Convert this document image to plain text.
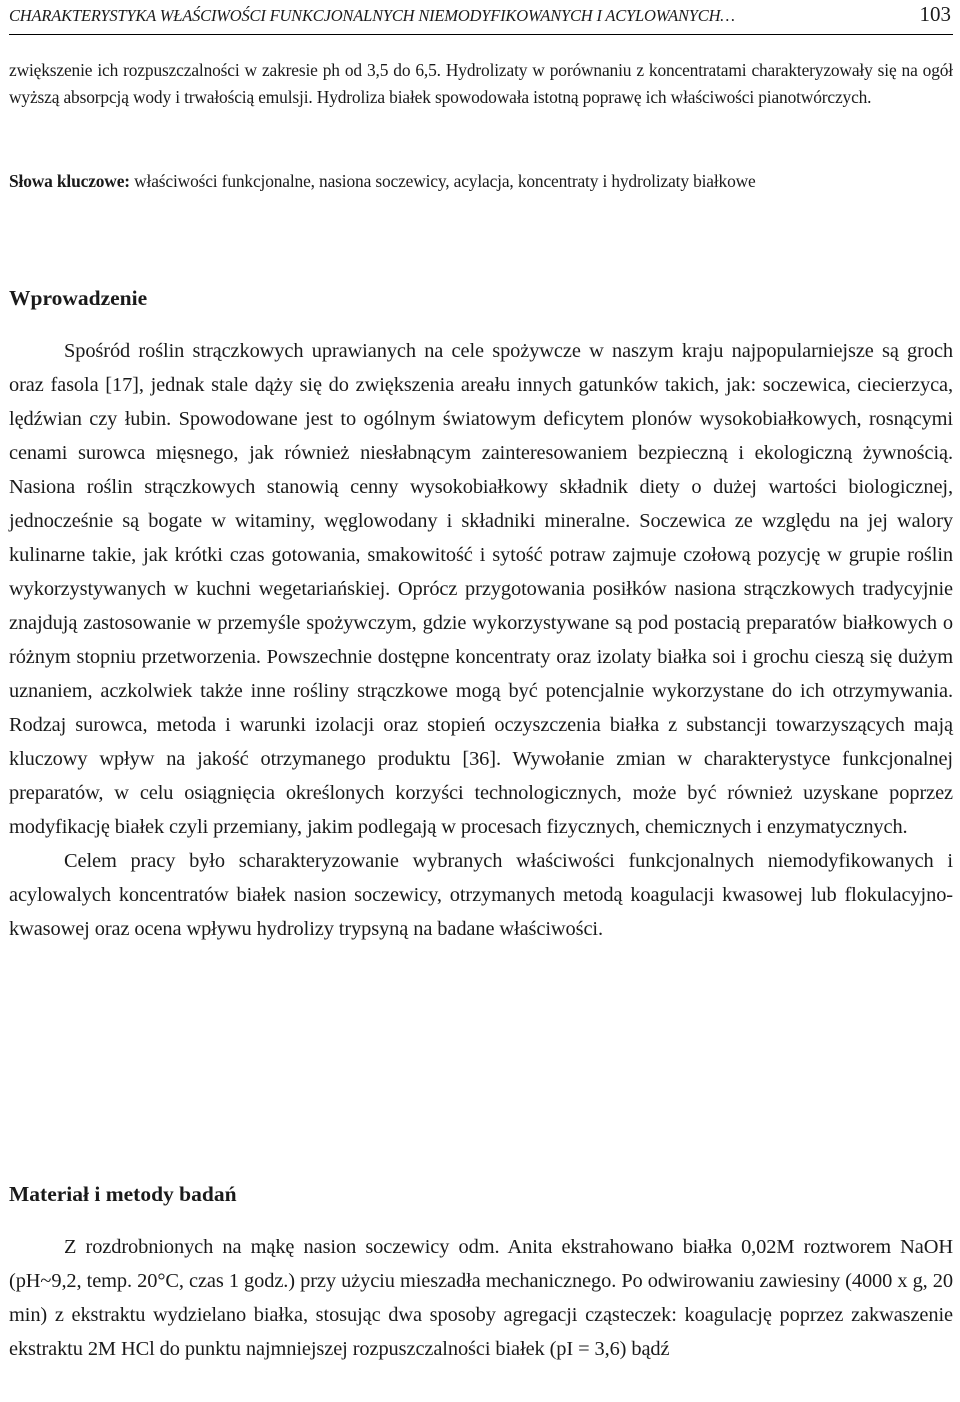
CHARAKTERYSTYKA WŁAŚCIWOŚCI FUNKCJONALNYCH NIEMODYFIKOWANYCH I ACYLOWANYCH…	103
zwiększenie ich rozpuszczalności w zakresie ph od 3,5 do 6,5. Hydrolizaty w porównaniu z koncentratami charakteryzowały się na ogół wyższą absorpcją wody i trwałością emulsji. Hydroliza białek spowodowała istotną poprawę ich właściwości pianotwórczych.
Słowa kluczowe: właściwości funkcjonalne, nasiona soczewicy, acylacja, koncentraty i hydrolizaty białkowe
Wprowadzenie

Spośród roślin strączkowych uprawianych na cele spożywcze w naszym kraju najpopularniejsze są groch oraz fasola [17], jednak stale dąży się do zwiększenia areału innych gatunków takich, jak: soczewica, ciecierzyca, lędźwian czy łubin. Spowodowane jest to ogólnym światowym deficytem plonów wysokobiałkowych, rosnącymi cenami surowca mięsnego, jak również niesłabnącym zainteresowaniem bezpieczną i ekologiczną żywnością. Nasiona roślin strączkowych stanowią cenny wysokobiałkowy składnik diety o dużej wartości biologicznej, jednocześnie są bogate w witaminy, węglowodany i składniki mineralne. Soczewica ze względu na jej walory kulinarne takie, jak krótki czas gotowania, smakowitość i sytość potraw zajmuje czołową pozycję w grupie roślin wykorzystywanych w kuchni wegetariańskiej. Oprócz przygotowania posiłków nasiona strączkowych tradycyjnie znajdują zastosowanie w przemyśle spożywczym, gdzie wykorzystywane są pod postacią preparatów białkowych o różnym stopniu przetworzenia. Powszechnie dostępne koncentraty oraz izolaty białka soi i grochu cieszą się dużym uznaniem, aczkolwiek także inne rośliny strączkowe mogą być potencjalnie wykorzystane do ich otrzymywania. Rodzaj surowca, metoda i warunki izolacji oraz stopień oczyszczenia białka z substancji towarzyszących mają kluczowy wpływ na jakość otrzymanego produktu [36]. Wywołanie zmian w charakterystyce funkcjonalnej preparatów, w celu osiągnięcia określonych korzyści technologicznych, może być również uzyskane poprzez modyfikację białek czyli przemiany, jakim podlegają w procesach fizycznych, chemicznych i enzymatycznych.

Celem pracy było scharakteryzowanie wybranych właściwości funkcjonalnych niemodyfikowanych i acylowalych koncentratów białek nasion soczewicy, otrzymanych metodą koagulacji kwasowej lub flokulacyjno-kwasowej oraz ocena wpływu hydrolizy trypsyną na badane właściwości.

Materiał i metody badań

Z rozdrobnionych na mąkę nasion soczewicy odm. Anita ekstrahowano białka 0,02M roztworem NaOH (pH~9,2, temp. 20°C, czas 1 godz.) przy użyciu mieszadła mechanicznego. Po odwirowaniu zawiesiny (4000 x g, 20 min) z ekstraktu wydzielano białka, stosując dwa sposoby agregacji cząsteczek: koagulację poprzez zakwaszenie ekstraktu 2M HCl do punktu najmniejszej rozpuszczalności białek (pI = 3,6) bądź
